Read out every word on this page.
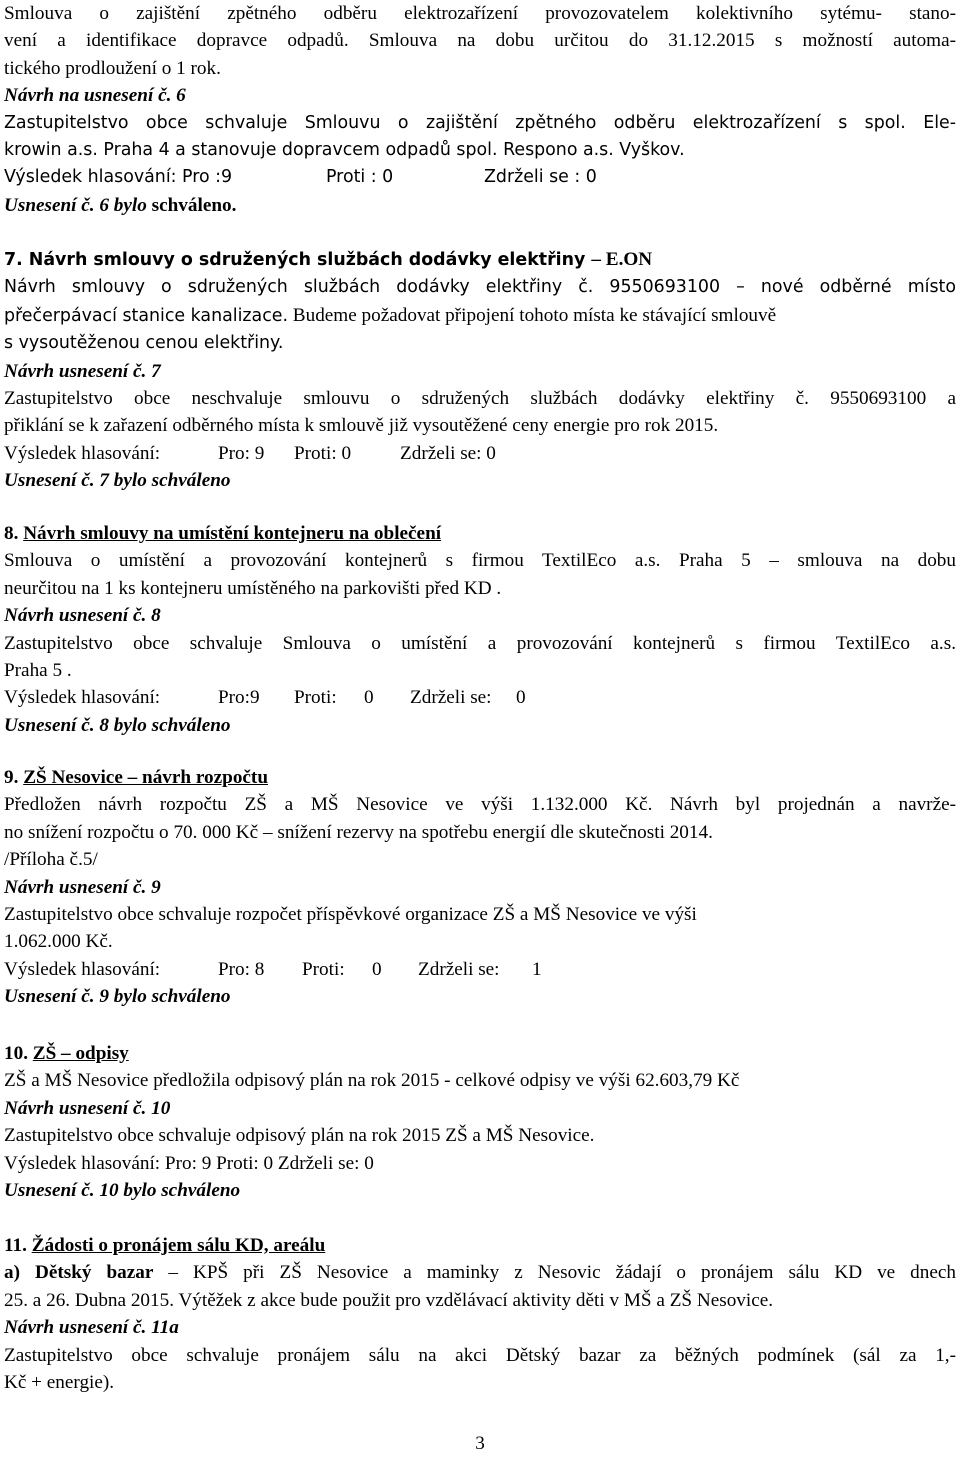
Smlouva o zajištění zpětného odběru elektrozařízení provozovatelem kolektivního sytému- stano-
vení a identifikace dopravce odpadů. Smlouva na dobu určitou do 31.12.2015 s možností automa-
tického prodloužení o 1 rok.
Návrh na usnesení č. 6
Zastupitelstvo obce schvaluje Smlouvu o zajištění zpětného odběru elektrozařízení s spol. Ele-
krowin a.s. Praha 4 a stanovuje dopravcem odpadů spol. Respono a.s. Vyškov.
Výsledek hlasování: Pro :9	Proti : 0	Zdrželi se : 0
Usnesení č. 6 bylo schváleno.
7. Návrh smlouvy o sdružených službách dodávky elektřiny – E.ON
Návrh smlouvy o sdružených službách dodávky elektřiny č. 9550693100 – nové odběrné místo
přečerpávací stanice kanalizace. Budeme požadovat připojení tohoto místa ke stávající smlouvě
s vysoutěženou cenou elektřiny.
Návrh usnesení č. 7
Zastupitelstvo obce neschvaluje smlouvu o sdružených službách dodávky elektřiny č. 9550693100 a
přiklání se k zařazení odběrného místa k smlouvě již vysoutěžené ceny energie pro rok 2015.
Výsledek hlasování:	Pro: 9 Proti: 0	Zdrželi se: 0
Usnesení č. 7 bylo schváleno
8. Návrh smlouvy na umístění kontejneru na oblečení
Smlouva o umístění a provozování kontejnerů s firmou TextilEco a.s. Praha 5 – smlouva na dobu
neurčitou na 1 ks kontejneru umístěného na parkovišti před KD .
Návrh usnesení č. 8
Zastupitelstvo obce schvaluje Smlouva o umístění a provozování kontejnerů s firmou TextilEco a.s.
Praha 5 .
Výsledek hlasování:	Pro:9 Proti: 0 Zdrželi se: 0
Usnesení č. 8 bylo schváleno
9. ZŠ Nesovice – návrh rozpočtu
Předložen návrh rozpočtu ZŠ a MŠ Nesovice ve výši 1.132.000 Kč. Návrh byl projednán a navrže-
no snížení rozpočtu o 70. 000 Kč – snížení rezervy na spotřebu energií dle skutečnosti 2014.
/Příloha č.5/
Návrh usnesení č. 9
Zastupitelstvo obce schvaluje rozpočet příspěvkové organizace ZŠ a MŠ Nesovice ve výši
1.062.000 Kč.
Výsledek hlasování:	Pro: 8 Proti: 0 Zdrželi se: 1
Usnesení č. 9 bylo schváleno
10. ZŠ – odpisy
ZŠ a MŠ Nesovice předložila odpisový plán na rok 2015 - celkové odpisy ve výši 62.603,79 Kč
Návrh usnesení č. 10
Zastupitelstvo obce schvaluje odpisový plán na rok 2015 ZŠ a MŠ Nesovice.
Výsledek hlasování: Pro: 9 Proti: 0 Zdrželi se: 0
Usnesení č. 10 bylo schváleno
11. Žádosti o pronájem sálu KD, areálu
a) Dětský bazar – KPŠ při ZŠ Nesovice a maminky z Nesovic žádají o pronájem sálu KD ve dnech
25. a 26. Dubna 2015. Výtěžek z akce bude použit pro vzdělávací aktivity děti v MŠ a ZŠ Nesovice.
Návrh usnesení č. 11a
Zastupitelstvo obce schvaluje pronájem sálu na akci Dětský bazar za běžných podmínek (sál za 1,-
Kč + energie).
3
